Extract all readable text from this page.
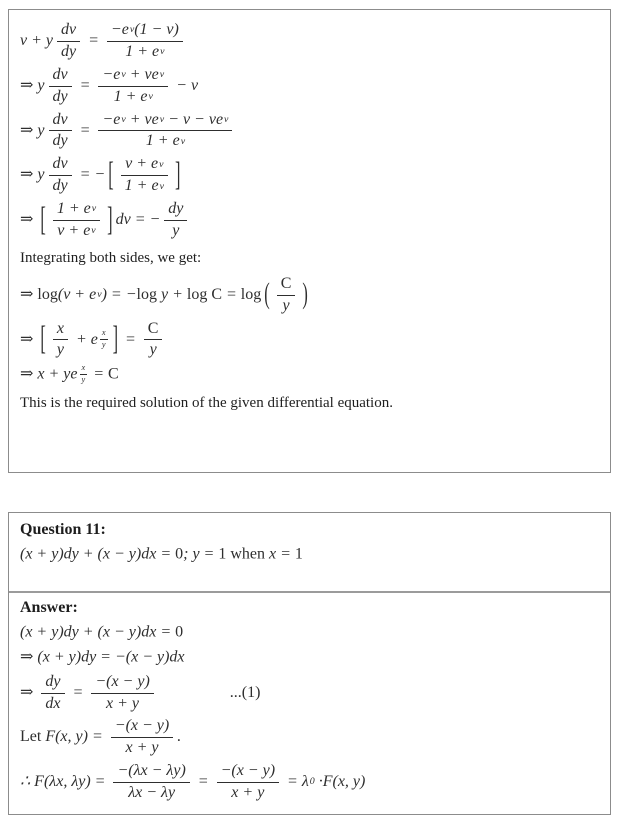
v + y $\frac{dv}{dy} = \frac{-ev(1 - v)}{1 + ev}$
⇒ y $\frac{dv}{dy} = \frac{\text{−ev + vev}}{1 + ev} - v$
⇒ y $\frac{dv}{dy} = \frac{\text{−ev + vev − v − vev}}{1 + ev}$
⇒ y $\frac{dv}{dy}$ = − [ $\frac{v + ev}{1 + ev}$ ]
⇒ [ $\frac{1 + ev}{v + ev}$ ] dv = − $\frac{dy}{y}$
Integrating both sides, we get:
⇒ log(v + ev) = −log y + log C = log ( $\frac{C}{y}$ )
⇒ [ $\frac{x}{y} + e \frac{x}{y}$ ] = $\frac{C}{y}$
⇒ x + ye $\frac{x}{y} = C$
This is the required solution of the given differential equation.
Question 11:
(x + y)dy + (x − y)dx = 0; y = 1 when x = 1
Answer:
(x + y)dy + (x − y)dx = 0
⇒ (x + y)dy = −(x − y)dx
⇒ $\frac{dy}{dx} = \frac{-(x - y)}{x + y}$	...(1)
Let F(x, $y) = \frac{-(x - y)}{x + y}$ .
∴ F(λx, $\lambda y) = \frac{-(\lambda x - \lambda y)}{\lambda x - \lambda y} = \frac{-(x - y)}{x + y} = \lambda 0 \cdot F(x$, y)
